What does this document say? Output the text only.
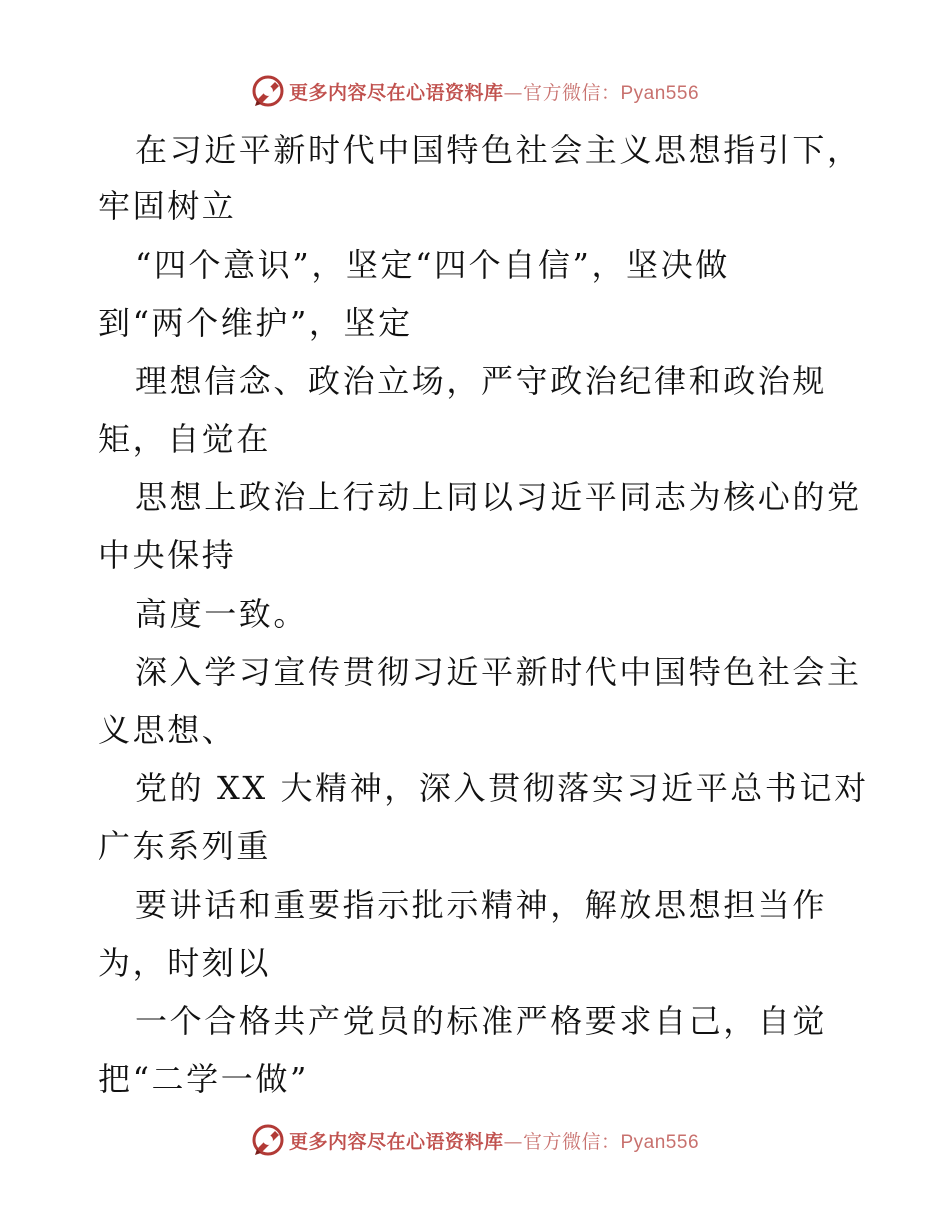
更多内容尽在心语资料库 — 官方微信： Pyan556
在习近平新时代中国特色社会主义思想指引下，
牢固树立
“四个意识”，坚定“四个自信”，坚决做
到“两个维护”，坚定
理想信念、政治立场，严守政治纪律和政治规
矩，自觉在
思想上政治上行动上同以习近平同志为核心的党
中央保持
高度一致。
深入学习宣传贯彻习近平新时代中国特色社会主
义思想、
党的 XX 大精神，深入贯彻落实习近平总书记对
广东系列重
要讲话和重要指示批示精神，解放思想担当作
为，时刻以
一个合格共产党员的标准严格要求自己，自觉
把“二学一做”
更多内容尽在心语资料库 — 官方微信： Pyan556
